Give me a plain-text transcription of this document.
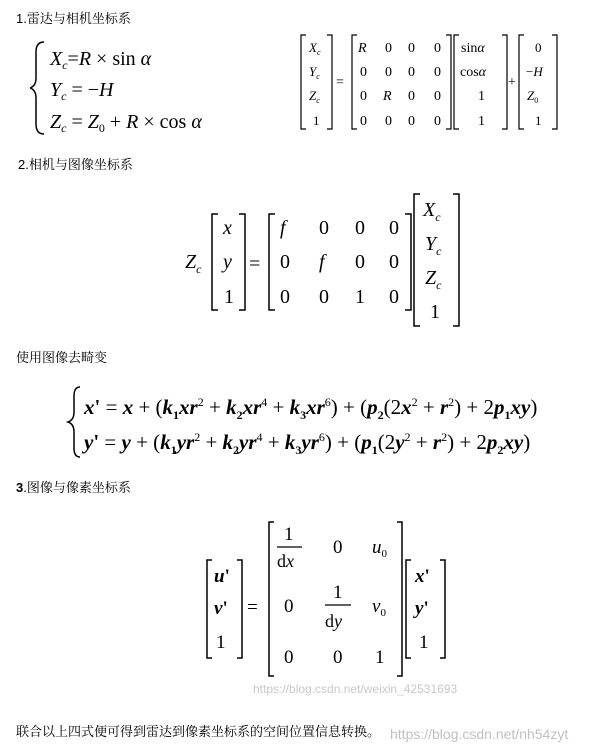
1.雷达与相机坐标系
$X_c=R \times \sin \alpha$
$Y_c = -H$
$Z_c = Z_0 + R \times \cos \alpha$
$X_c$
$Y_c$
$Z_c$
1
=
R 0 0 0
0 0 0 0
0 R 0 0
0 0 0 0
sinα
cosα
1
1
+
0
−H
$Z_0$
1
2.相机与图像坐标系
$Z_c$
x
y
1
=
f 0 0 0
0 f 0 0
0 0 1 0
$X_c$
$Y_c$
$Z_c$
1
使用图像去畸变
$x' = x + (k_1xr^2 + k_2xr^4 + k_3xr^6) + (p_2(2x^2 + r^2) + 2p_1xy)$
$y' = y + (k_1yr^2 + k_2yr^4 + k_3yr^6) + (p_1(2y^2 + r^2) + 2p_2xy)$
3.图像与像素坐标系
u'
v'
1
=
1
dx
0 $u_0$
0
1
dy
$v_0$
0 0 1
x'
y'
1
https://blog.csdn.net/weixin_42531693
联合以上四式便可得到雷达到像素坐标系的空间位置信息转换。 https://blog.csdn.net/nh54zyt
